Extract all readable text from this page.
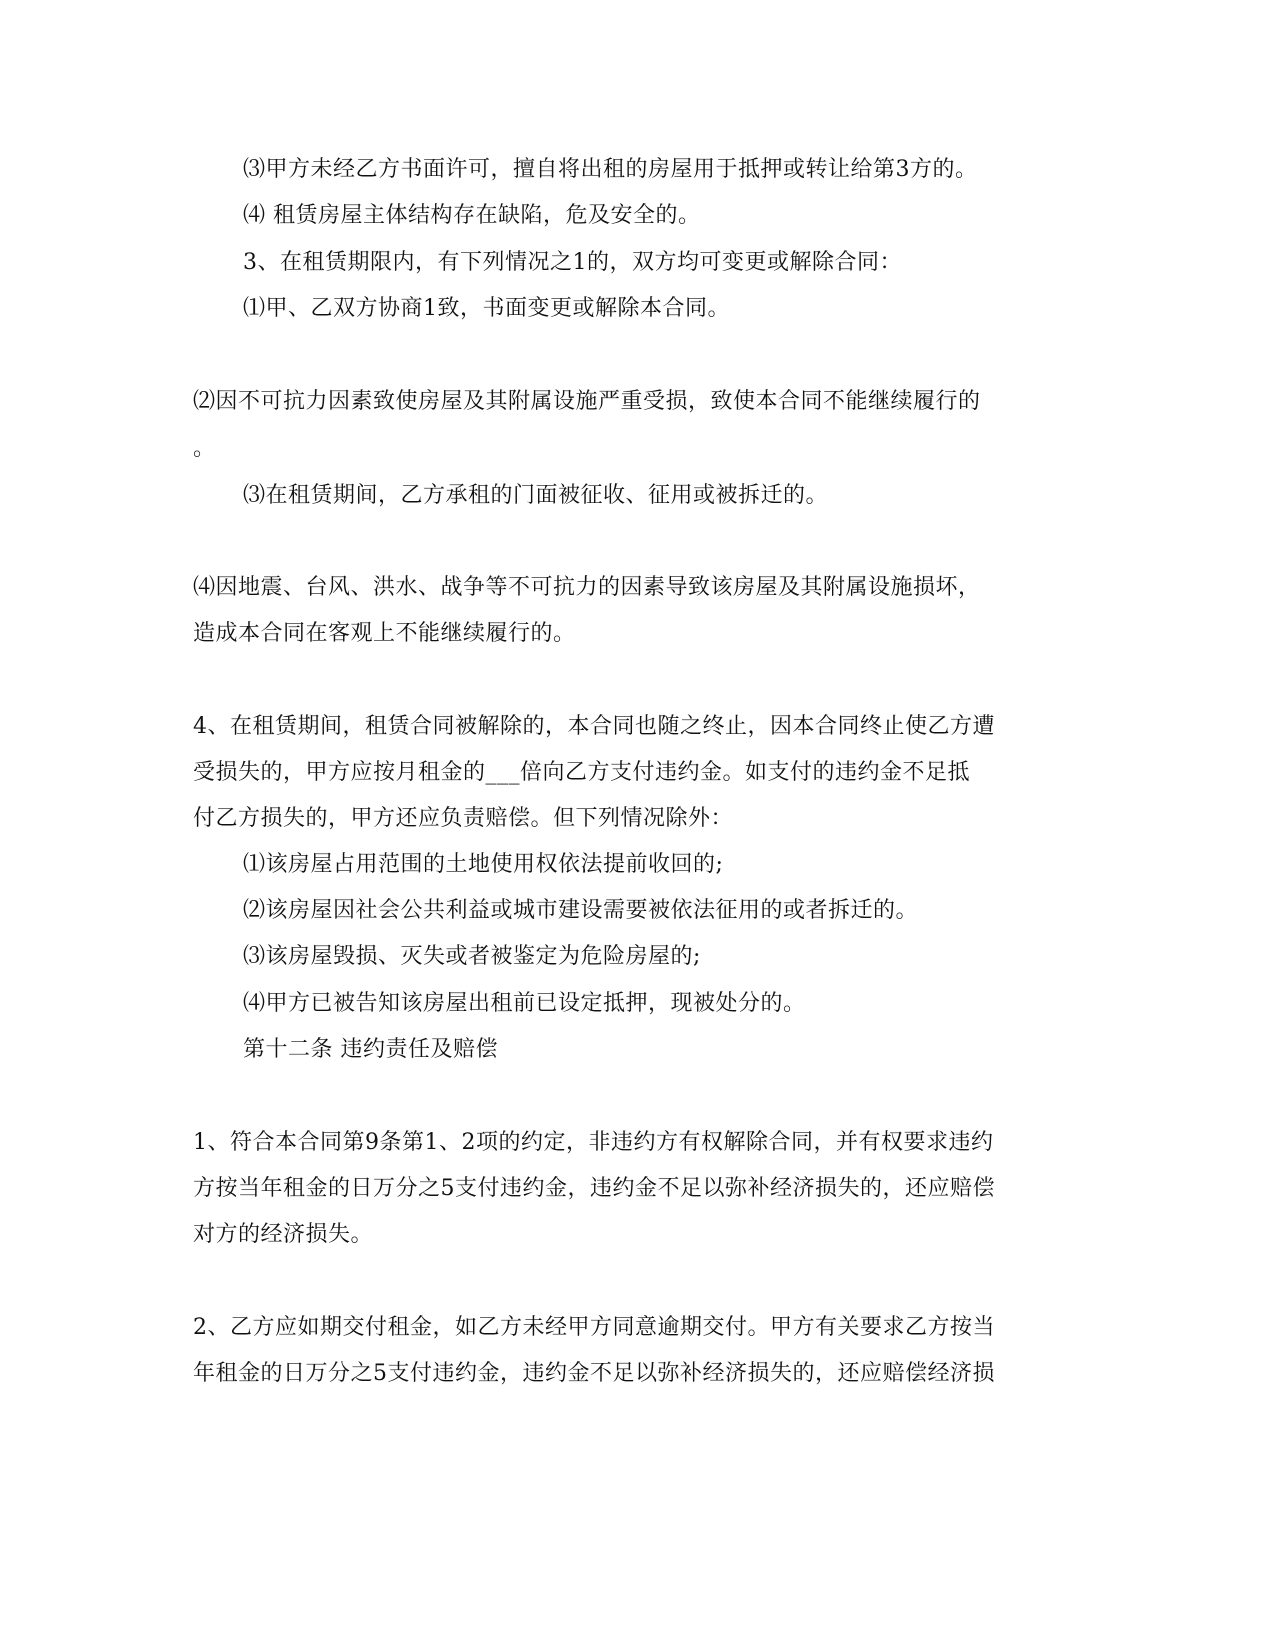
⑶甲方未经乙方书面许可，擅自将出租的房屋用于抵押或转让给第3方的。
⑷ 租赁房屋主体结构存在缺陷，危及安全的。
3、在租赁期限内，有下列情况之1的，双方均可变更或解除合同：
⑴甲、乙双方协商1致，书面变更或解除本合同。
⑵因不可抗力因素致使房屋及其附属设施严重受损，致使本合同不能继续履行的
。
⑶在租赁期间，乙方承租的门面被征收、征用或被拆迁的。
⑷因地震、台风、洪水、战争等不可抗力的因素导致该房屋及其附属设施损坏，
造成本合同在客观上不能继续履行的。
4、在租赁期间，租赁合同被解除的，本合同也随之终止，因本合同终止使乙方遭
受损失的，甲方应按月租金的___倍向乙方支付违约金。如支付的违约金不足抵
付乙方损失的，甲方还应负责赔偿。但下列情况除外：
⑴该房屋占用范围的土地使用权依法提前收回的;
⑵该房屋因社会公共利益或城市建设需要被依法征用的或者拆迁的。
⑶该房屋毁损、灭失或者被鉴定为危险房屋的;
⑷甲方已被告知该房屋出租前已设定抵押，现被处分的。
第十二条 违约责任及赔偿
1、符合本合同第9条第1、2项的约定，非违约方有权解除合同，并有权要求违约
方按当年租金的日万分之5支付违约金，违约金不足以弥补经济损失的，还应赔偿
对方的经济损失。
2、乙方应如期交付租金，如乙方未经甲方同意逾期交付。甲方有关要求乙方按当
年租金的日万分之5支付违约金，违约金不足以弥补经济损失的，还应赔偿经济损
